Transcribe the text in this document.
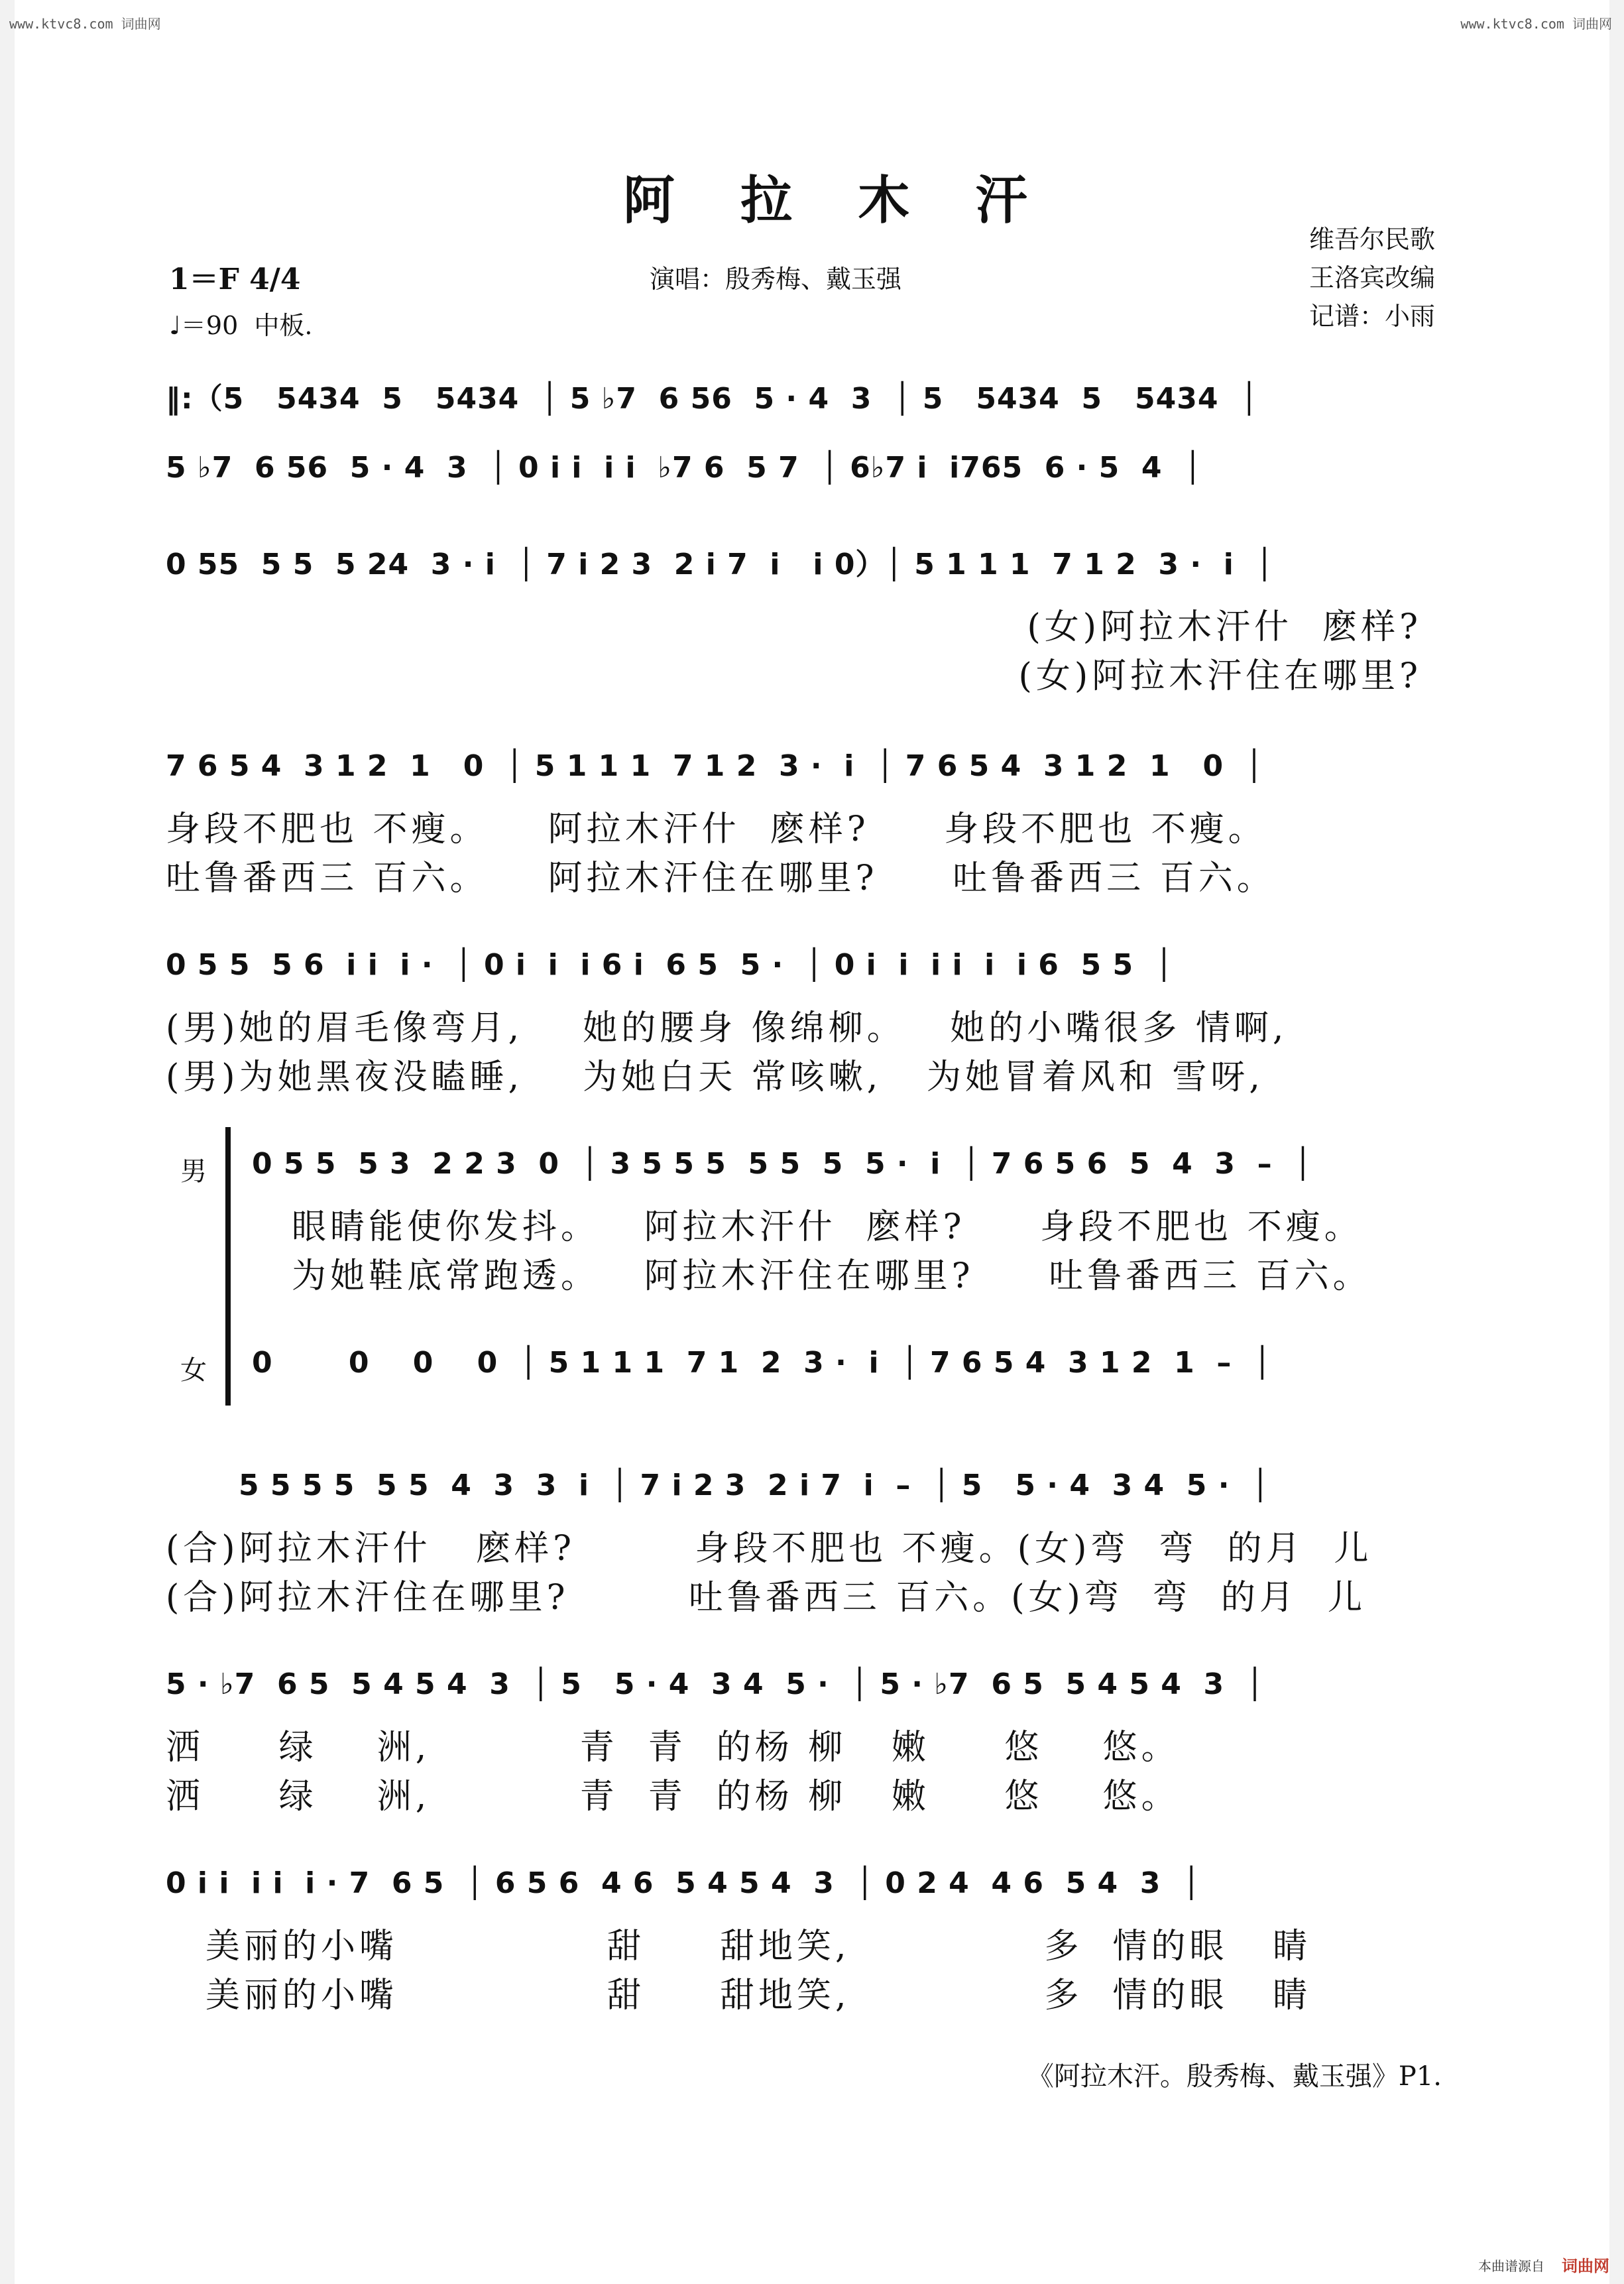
www.ktvc8.com 词曲网	www.ktvc8.com 词曲网
阿 拉 木 汗
1＝F 4/4
♩＝90  中板.
演唱：殷秀梅、戴玉强
维吾尔民歌
王洛宾改编
记谱：小雨
‖:（5   5434  5   5434  │ 5 ♭7  6 56  5 · 4  3  │ 5   5434  5   5434  │
5 ♭7  6 56  5 · 4  3  │ 0 i i  i i  ♭7 6  5 7  │ 6♭7 i  i765  6 · 5  4  │
0 55  5 5  5 24  3 · i  │ 7 i 2 3  2 i 7  i   i 0）│ 5 1 1 1  7 1 2  3 ·  i  │
(女)阿拉木汗什  麽样?
(女)阿拉木汗住在哪里?
7 6 5 4  3 1 2  1   0  │ 5 1 1 1  7 1 2  3 ·  i  │ 7 6 5 4  3 1 2  1   0  │
身段不肥也 不瘦。    阿拉木汗什  麽样?     身段不肥也 不瘦。
吐鲁番西三 百六。    阿拉木汗住在哪里?     吐鲁番西三 百六。
0 5 5  5 6  i i  i ·  │ 0 i  i  i 6 i  6 5  5 ·  │ 0 i  i  i i  i  i 6  5 5  │
(男)她的眉毛像弯月,    她的腰身 像绵柳。   她的小嘴很多 情啊,
(男)为她黑夜没瞌睡,    为她白天 常咳嗽,   为她冒着风和 雪呀,
男
女
0 5 5  5 3  2 2 3  0  │ 3 5 5 5  5 5  5  5 ·  i  │ 7 6 5 6  5  4  3  –  │
眼睛能使你发抖。   阿拉木汗什  麽样?     身段不肥也 不瘦。
为她鞋底常跑透。   阿拉木汗住在哪里?     吐鲁番西三 百六。
0       0    0    0  │ 5 1 1 1  7 1  2  3 ·  i  │ 7 6 5 4  3 1 2  1  –  │
5 5 5 5  5 5  4  3  3  i  │ 7 i 2 3  2 i 7  i  –  │ 5   5 · 4  3 4  5 ·  │
(合)阿拉木汗什   麽样?        身段不肥也 不瘦。(女)弯  弯  的月  儿
(合)阿拉木汗住在哪里?        吐鲁番西三 百六。(女)弯  弯  的月  儿
5 · ♭7  6 5  5 4 5 4  3  │ 5   5 · 4  3 4  5 ·  │ 5 · ♭7  6 5  5 4 5 4  3  │
洒     绿    洲,          青  青  的杨 柳   嫩     悠    悠。
洒     绿    洲,          青  青  的杨 柳   嫩     悠    悠。
0 i i  i i  i · 7  6 5  │ 6 5 6  4 6  5 4 5 4  3  │ 0 2 4  4 6  5 4  3  │
美丽的小嘴              甜     甜地笑,             多  情的眼   睛
美丽的小嘴              甜     甜地笑,             多  情的眼   睛
《阿拉木汗。殷秀梅、戴玉强》P1.
本曲谱源自 词曲网
